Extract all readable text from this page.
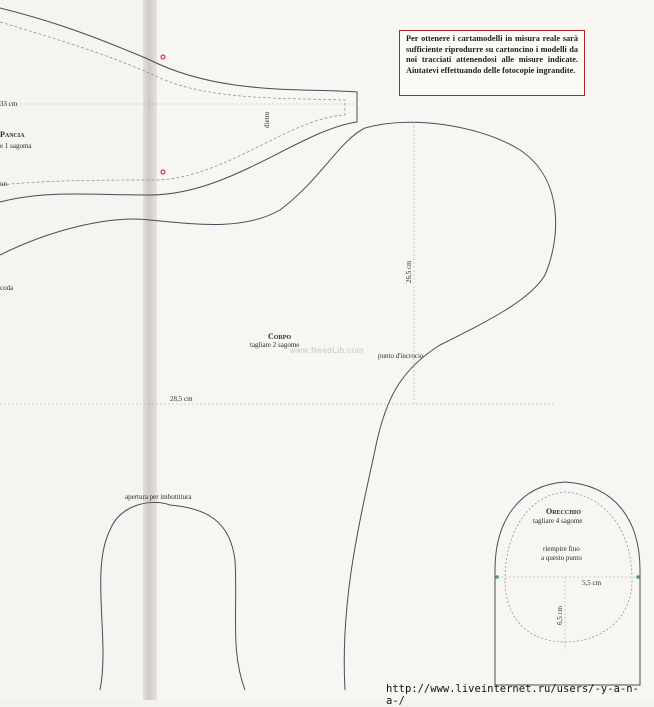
Per ottenere i cartamodelli in misura reale sarà sufficiente riprodurre su cartoncino i modelli da noi tracciati attenendosi alle misure indicate. Aiutatevi effettuando delle fotocopie ingrandite.
33 cm
Pancia
e 1 sagoma
un
dietro
coda
Corpo
tagliare 2 sagome
28,5 cm
26,5 cm
punto d'incrocio
apertura per imbottitura
Orecchio
tagliare 4 sagome
riempire fino
a questo punto
5,5 cm
6,5 cm
www.NeedLib.com
http://www.liveinternet.ru/users/-y-a-n-a-/
